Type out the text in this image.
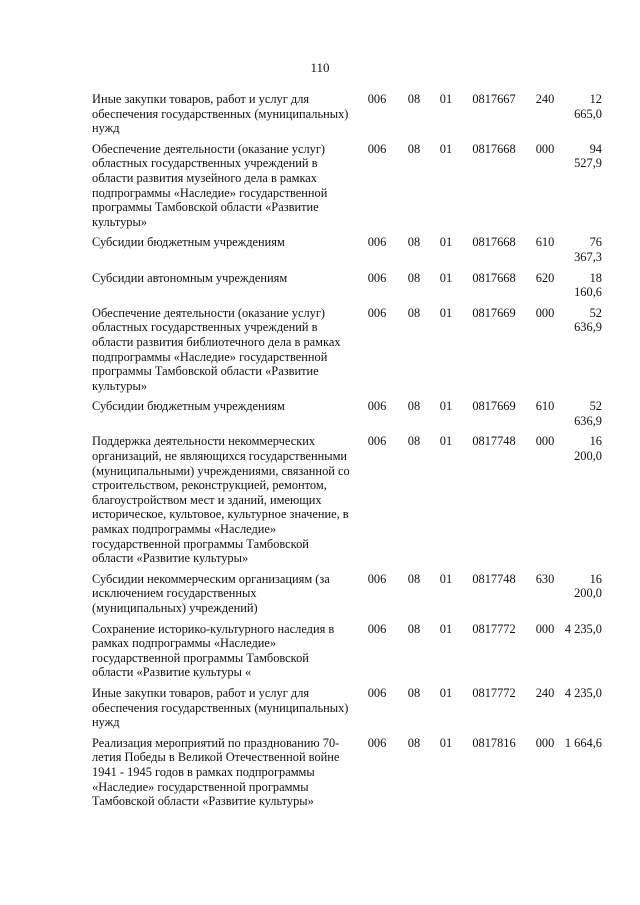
110
Иные закупки товаров, работ и услуг для обеспечения государственных (муниципальных) нужд	006	08	01	0817667	240	12 665,0
Обеспечение деятельности (оказание услуг) областных государственных учреждений в области развития музейного дела в рамках подпрограммы «Наследие» государственной программы Тамбовской области «Развитие культуры»	006	08	01	0817668	000	94 527,9
Субсидии бюджетным учреждениям	006	08	01	0817668	610	76 367,3
Субсидии автономным учреждениям	006	08	01	0817668	620	18 160,6
Обеспечение деятельности (оказание услуг) областных государственных учреждений в области развития библиотечного дела в рамках подпрограммы «Наследие» государственной программы Тамбовской области «Развитие культуры»	006	08	01	0817669	000	52 636,9
Субсидии бюджетным учреждениям	006	08	01	0817669	610	52 636,9
Поддержка деятельности некоммерческих организаций, не являющихся государственными (муниципальными) учреждениями, связанной со строительством, реконструкцией, ремонтом, благоустройством мест и зданий, имеющих историческое, культовое, культурное значение, в рамках подпрограммы «Наследие» государственной программы Тамбовской области «Развитие культуры»	006	08	01	0817748	000	16 200,0
Субсидии некоммерческим организациям (за исключением государственных (муниципальных) учреждений)	006	08	01	0817748	630	16 200,0
Сохранение историко-культурного наследия в рамках подпрограммы «Наследие» государственной программы Тамбовской области «Развитие культуры «	006	08	01	0817772	000	4 235,0
Иные закупки товаров, работ и услуг для обеспечения государственных (муниципальных) нужд	006	08	01	0817772	240	4 235,0
Реализация мероприятий по празднованию 70-летия Победы в Великой Отечественной войне 1941 - 1945 годов в рамках подпрограммы «Наследие» государственной программы Тамбовской области «Развитие культуры»	006	08	01	0817816	000	1 664,6
